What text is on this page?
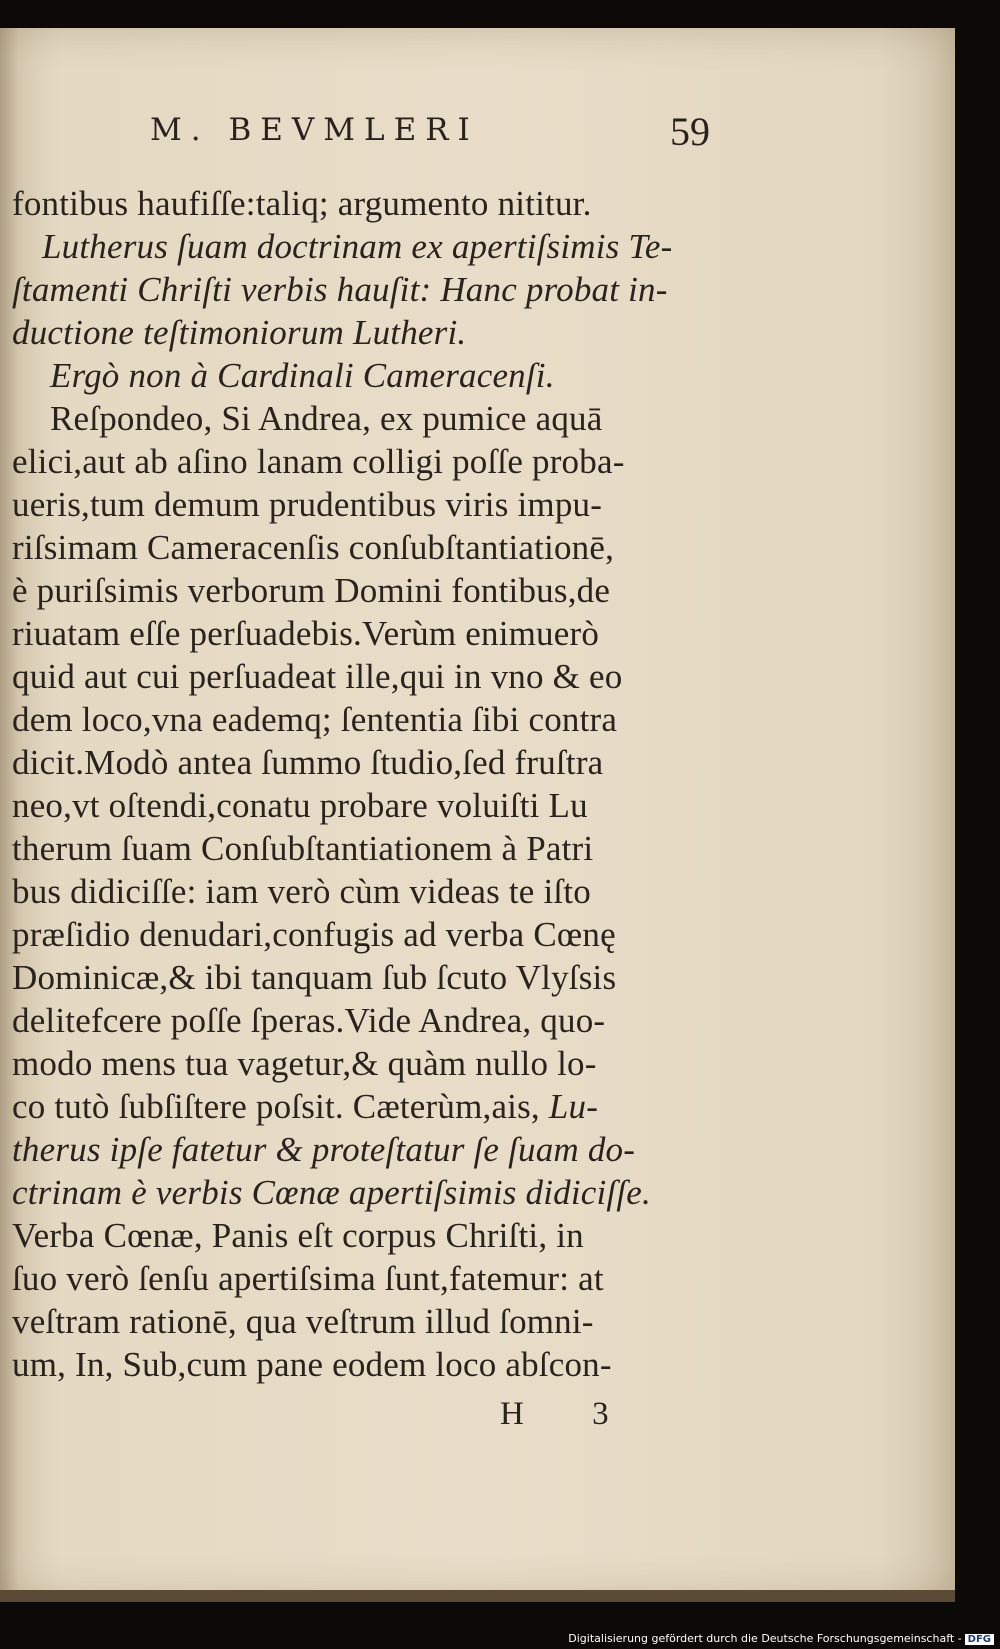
M. BEVMLERI	59
fontibus haufiſſe:taliq; argumento nititur.
Lutherus ſuam doctrinam ex apertiſsimis Te-
ſtamenti Chriſti verbis hauſit: Hanc probat in-
ductione teſtimoniorum Lutheri.
Ergò non à Cardinali Cameracenſi.
Reſpondeo, Si Andrea, ex pumice aquā
elici,aut ab aſino lanam colligi poſſe proba-
ueris,tum demum prudentibus viris impu-
riſsimam Cameracenſis conſubſtantiationē,
è puriſsimis verborum Domini fontibus,de
riuatam eſſe perſuadebis.Verùm enimuerò
quid aut cui perſuadeat ille,qui in vno & eo
dem loco,vna eademq; ſententia ſibi contra
dicit.Modò antea ſummo ſtudio,ſed fruſtra
neo,vt oſtendi,conatu probare voluiſti Lu
therum ſuam Conſubſtantiationem à Patri
bus didiciſſe: iam verò cùm videas te iſto
præſidio denudari,confugis ad verba Cœnę
Dominicæ,& ibi tanquam ſub ſcuto Vlyſsis
delitefcere poſſe ſperas.Vide Andrea, quo-
modo mens tua vagetur,& quàm nullo lo-
co tutò ſubſiſtere poſsit. Cæterùm,ais, Lu-
therus ipſe fatetur & proteſtatur ſe ſuam do-
ctrinam è verbis Cœnæ apertiſsimis didiciſſe.
Verba Cœnæ, Panis eſt corpus Chriſti, in
ſuo verò ſenſu apertiſsima ſunt,fatemur: at
veſtram rationē, qua veſtrum illud ſomni-
um, In, Sub,cum pane eodem loco abſcon-
H 3
Digitalisierung gefördert durch die Deutsche Forschungsgemeinschaft - DFG
